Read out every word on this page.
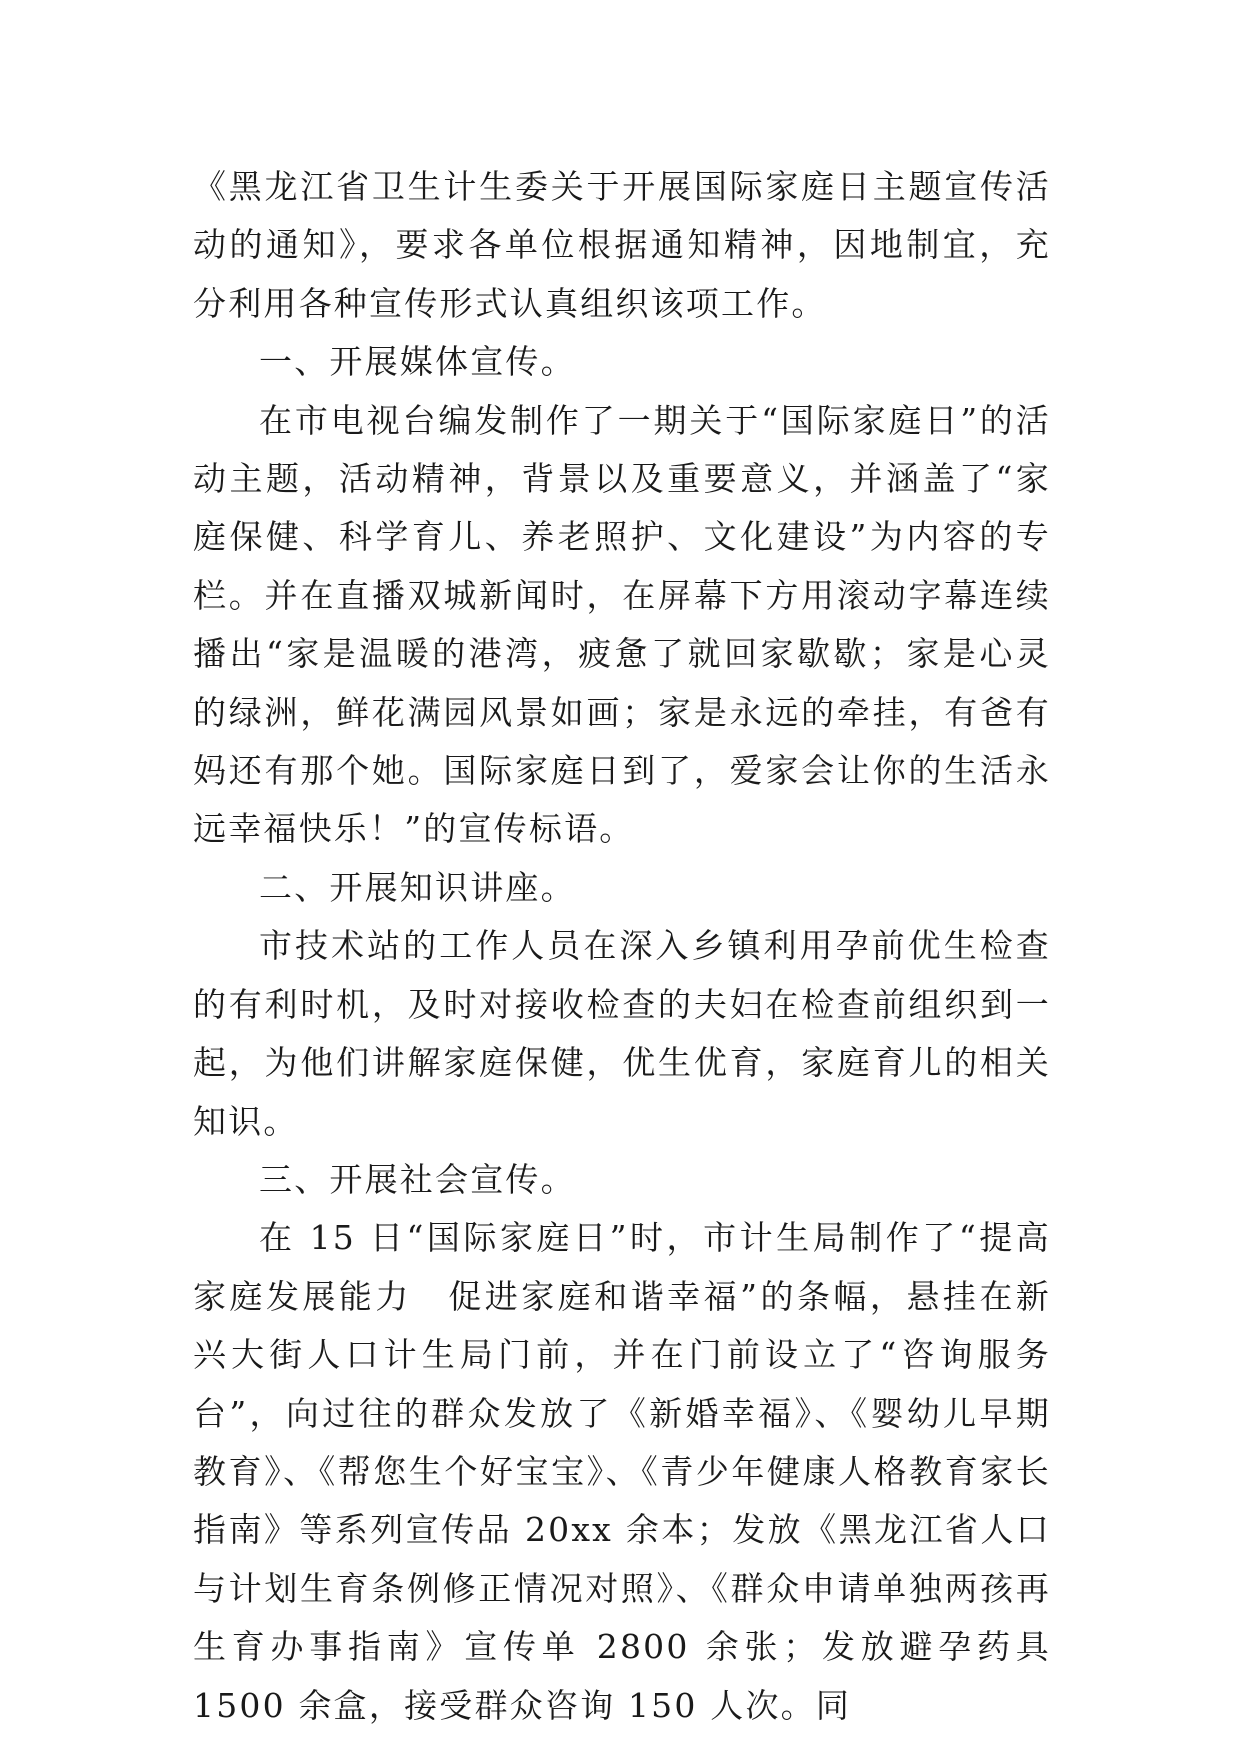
《黑龙江省卫生计生委关于开展国际家庭日主题宣传活动的通知》，要求各单位根据通知精神，因地制宜，充分利用各种宣传形式认真组织该项工作。

一、开展媒体宣传。

在市电视台编发制作了一期关于“国际家庭日”的活动主题，活动精神，背景以及重要意义，并涵盖了“家庭保健、科学育儿、养老照护、文化建设”为内容的专栏。并在直播双城新闻时，在屏幕下方用滚动字幕连续播出“家是温暖的港湾，疲惫了就回家歇歇；家是心灵的绿洲，鲜花满园风景如画；家是永远的牵挂，有爸有妈还有那个她。国际家庭日到了，爱家会让你的生活永远幸福快乐！”的宣传标语。

二、开展知识讲座。

市技术站的工作人员在深入乡镇利用孕前优生检查的有利时机，及时对接收检查的夫妇在检查前组织到一起，为他们讲解家庭保健，优生优育，家庭育儿的相关知识。

三、开展社会宣传。

在 15 日“国际家庭日”时，市计生局制作了“提高家庭发展能力　促进家庭和谐幸福”的条幅，悬挂在新兴大街人口计生局门前，并在门前设立了“咨询服务台”，向过往的群众发放了《新婚幸福》、《婴幼儿早期教育》、《帮您生个好宝宝》、《青少年健康人格教育家长指南》等系列宣传品 20xx 余本；发放《黑龙江省人口与计划生育条例修正情况对照》、《群众申请单独两孩再生育办事指南》宣传单 2800 余张；发放避孕药具 1500 余盒，接受群众咨询 150 人次。同
